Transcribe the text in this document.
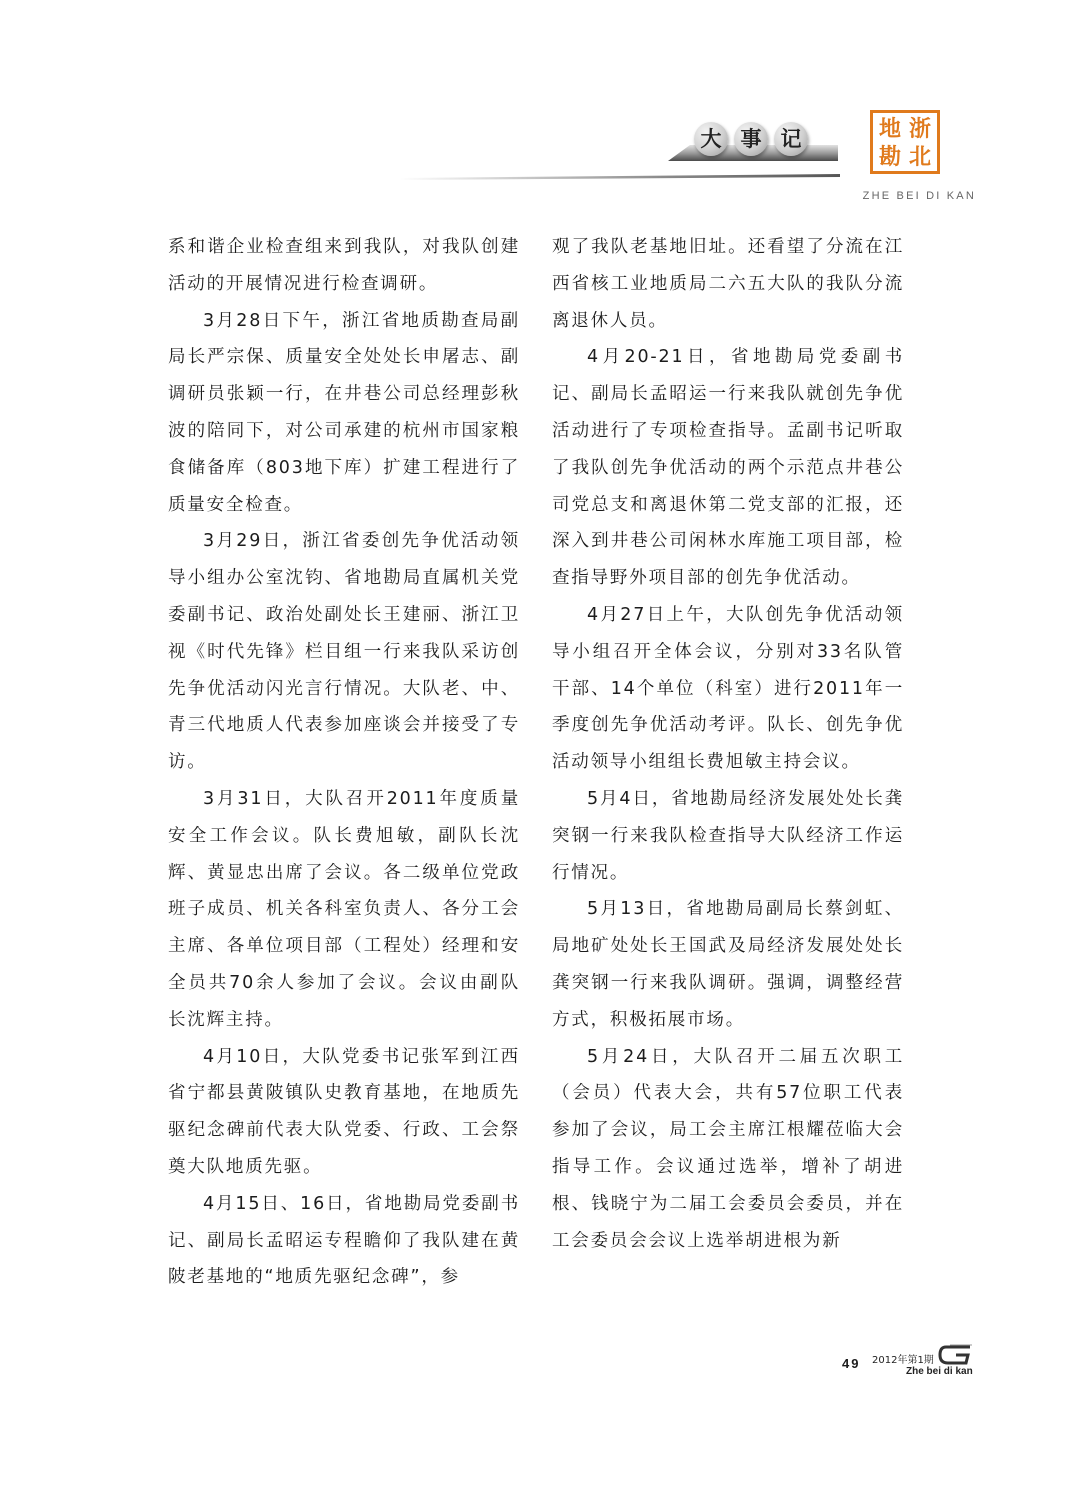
大 事 记	地 浙
勘 北
ZHE BEI DI KAN

系和谐企业检查组来到我队，对我队创建活动的开展情况进行检查调研。

3月28日下午，浙江省地质勘查局副局长严宗保、质量安全处处长申屠志、副调研员张颖一行，在井巷公司总经理彭秋波的陪同下，对公司承建的杭州市国家粮食储备库（803地下库）扩建工程进行了质量安全检查。

3月29日，浙江省委创先争优活动领导小组办公室沈钧、省地勘局直属机关党委副书记、政治处副处长王建丽、浙江卫视《时代先锋》栏目组一行来我队采访创先争优活动闪光言行情况。大队老、中、青三代地质人代表参加座谈会并接受了专访。

3月31日，大队召开2011年度质量安全工作会议。队长费旭敏，副队长沈辉、黄显忠出席了会议。各二级单位党政班子成员、机关各科室负责人、各分工会主席、各单位项目部（工程处）经理和安全员共70余人参加了会议。会议由副队长沈辉主持。

4月10日，大队党委书记张军到江西省宁都县黄陂镇队史教育基地，在地质先驱纪念碑前代表大队党委、行政、工会祭奠大队地质先驱。

4月15日、16日，省地勘局党委副书记、副局长孟昭运专程瞻仰了我队建在黄陂老基地的“地质先驱纪念碑”，参

观了我队老基地旧址。还看望了分流在江西省核工业地质局二六五大队的我队分流离退休人员。

4月20-21日，省地勘局党委副书记、副局长孟昭运一行来我队就创先争优活动进行了专项检查指导。孟副书记听取了我队创先争优活动的两个示范点井巷公司党总支和离退休第二党支部的汇报，还深入到井巷公司闲林水库施工项目部，检查指导野外项目部的创先争优活动。

4月27日上午，大队创先争优活动领导小组召开全体会议，分别对33名队管干部、14个单位（科室）进行2011年一季度创先争优活动考评。队长、创先争优活动领导小组组长费旭敏主持会议。

5月4日，省地勘局经济发展处处长龚突钢一行来我队检查指导大队经济工作运行情况。

5月13日，省地勘局副局长蔡剑虹、局地矿处处长王国武及局经济发展处处长龚突钢一行来我队调研。强调，调整经营方式，积极拓展市场。

5月24日，大队召开二届五次职工（会员）代表大会，共有57位职工代表参加了会议，局工会主席江根耀莅临大会指导工作。会议通过选举，增补了胡进根、钱晓宁为二届工会委员会委员，并在工会委员会会议上选举胡进根为新

49 2012年第1期
Zhe bei di kan
